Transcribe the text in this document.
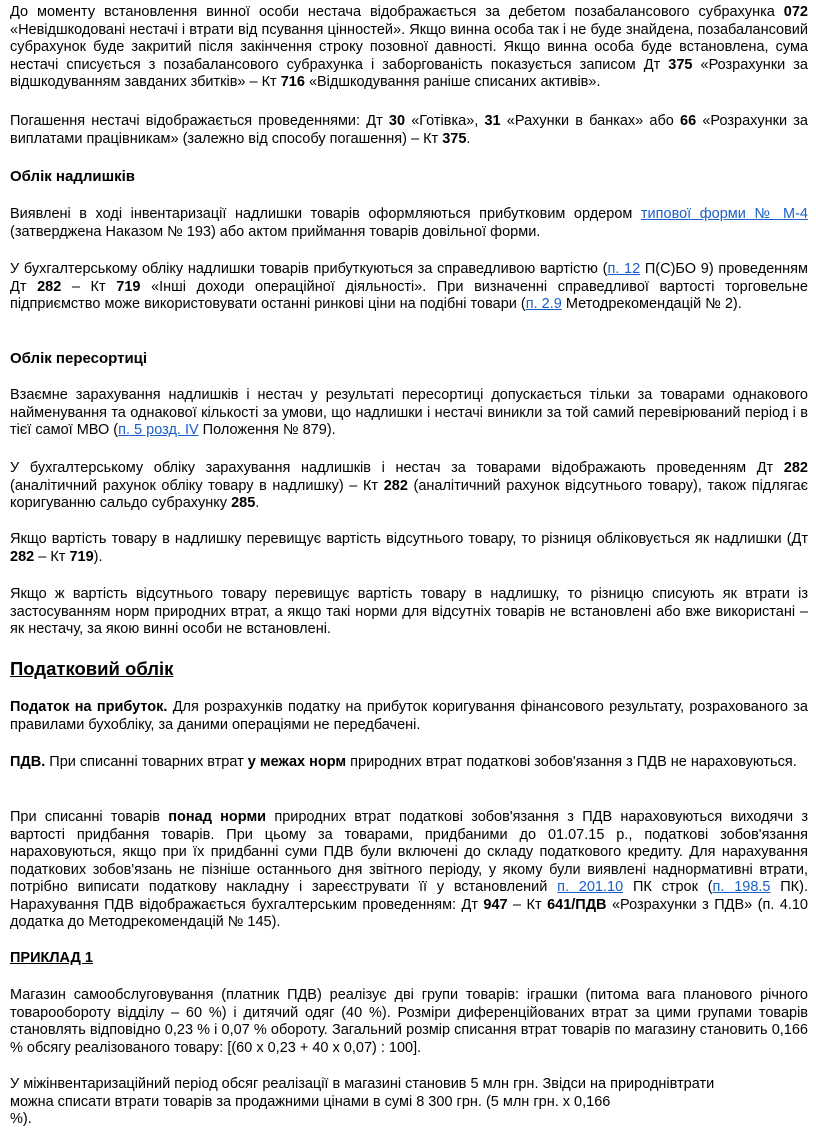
До моменту встановлення винної особи нестача відображається за дебетом позабалансового субрахунка 072 «Невідшкодовані нестачі і втрати від псування цінностей». Якщо винна особа так і не буде знайдена, позабалансовий субрахунок буде закритий після закінчення строку позовної давності. Якщо винна особа буде встановлена, сума нестачі списується з позабалансового субрахунка і заборгованість показується записом Дт 375 «Розрахунки за відшкодуванням завданих збитків» – Кт 716 «Відшкодування раніше списаних активів».

Погашення нестачі відображається проведеннями: Дт 30 «Готівка», 31 «Рахунки в банках» або 66 «Розрахунки за виплатами працівникам» (залежно від способу погашення) – Кт 375.

Облік надлишків

Виявлені в ході інвентаризації надлишки товарів оформляються прибутковим ордером типової форми № М-4 (затверджена Наказом № 193) або актом приймання товарів довільної форми.

У бухгалтерському обліку надлишки товарів прибуткуються за справедливою вартістю (п. 12 П(С)БО 9) проведенням Дт 282 – Кт 719 «Інші доходи операційної діяльності». При визначенні справедливої вартості торговельне підприємство може використовувати останні ринкові ціни на подібні товари (п. 2.9 Методрекомендацій № 2).

Облік пересортиці

Взаємне зарахування надлишків і нестач у результаті пересортиці допускається тільки за товарами однакового найменування та однакової кількості за умови, що надлишки і нестачі виникли за той самий перевірюваний період і в тієї самої МВО (п. 5 розд. IV Положення № 879).

У бухгалтерському обліку зарахування надлишків і нестач за товарами відображають проведенням Дт 282 (аналітичний рахунок обліку товару в надлишку) – Кт 282 (аналітичний рахунок відсутнього товару), також підлягає коригуванню сальдо субрахунку 285.

Якщо вартість товару в надлишку перевищує вартість відсутнього товару, то різниця обліковується як надлишки (Дт 282 – Кт 719).

Якщо ж вартість відсутнього товару перевищує вартість товару в надлишку, то різницю списують як втрати із застосуванням норм природних втрат, а якщо такі норми для відсутніх товарів не встановлені або вже використані – як нестачу, за якою винні особи не встановлені.

Податковий облік

Податок на прибуток. Для розрахунків податку на прибуток коригування фінансового результату, розрахованого за правилами бухобліку, за даними операціями не передбачені.

ПДВ. При списанні товарних втрат у межах норм природних втрат податкові зобов'язання з ПДВ не нараховуються.

При списанні товарів понад норми природних втрат податкові зобов'язання з ПДВ нараховуються виходячи з вартості придбання товарів. При цьому за товарами, придбаними до 01.07.15 р., податкові зобов'язання нараховуються, якщо при їх придбанні суми ПДВ були включені до складу податкового кредиту. Для нарахування податкових зобов'язань не пізніше останнього дня звітного періоду, у якому були виявлені наднормативні втрати, потрібно виписати податкову накладну і зареєструвати її у встановлений п. 201.10 ПК строк (п. 198.5 ПК). Нарахування ПДВ відображається бухгалтерським проведенням: Дт 947 – Кт 641/ПДВ «Розрахунки з ПДВ» (п. 4.10 додатка до Методрекомендацій № 145).

ПРИКЛАД 1

Магазин самообслуговування (платник ПДВ) реалізує дві групи товарів: іграшки (питома вага планового річного товарообороту відділу – 60 %) і дитячий одяг (40 %). Розміри диференційованих втрат за цими групами товарів становлять відповідно 0,23 % і 0,07 % обороту. Загальний розмір списання втрат товарів по магазину становить 0,166 % обсягу реалізованого товару: [(60 х 0,23 + 40 х 0,07) : 100].

У міжінвентаризаційний період обсяг реалізації в магазині становив 5 млн грн. Звідси на природнівтрати
можна списати втрати товарів за продажними цінами в сумі 8 300 грн. (5 млн грн. х 0,166
%).
